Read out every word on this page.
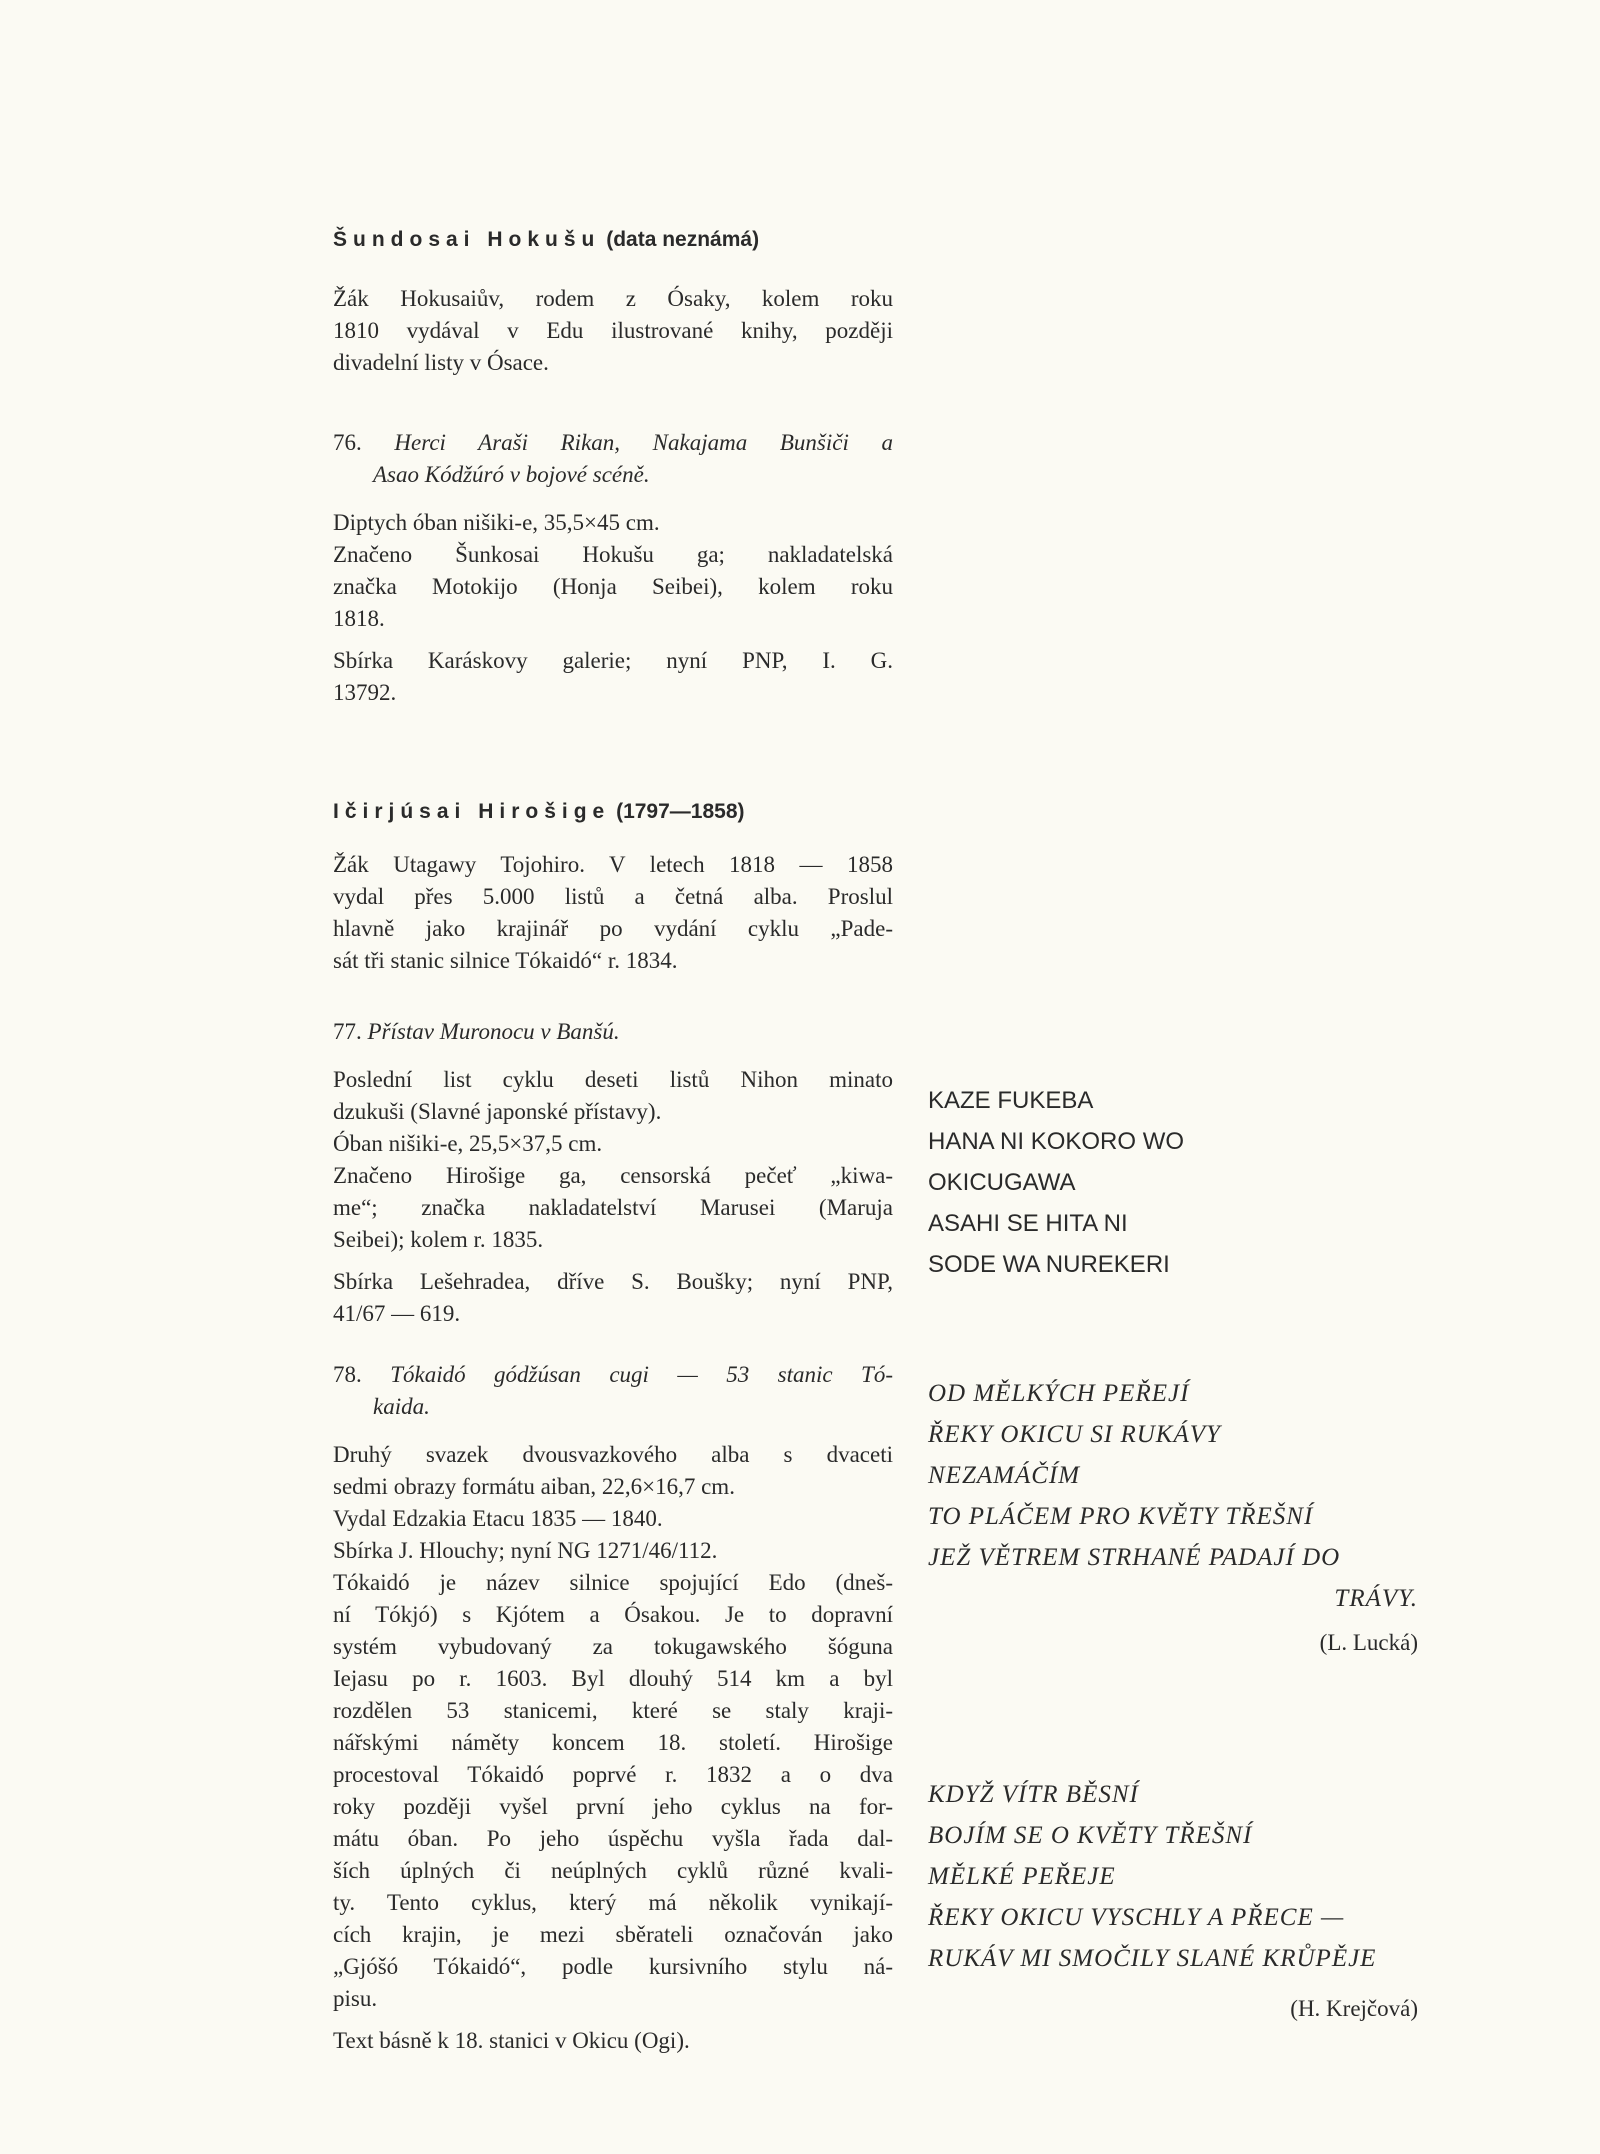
Šundosai Hokušu (data neznámá)
Žák Hokusaiův, rodem z Ósaky, kolem roku
1810 vydával v Edu ilustrované knihy, později
divadelní listy v Ósace.
76. Herci Araši Rikan, Nakajama Bunšiči a
Asao Kódžúró v bojové scéně.
Diptych óban nišiki-e, 35,5×45 cm.
Značeno Šunkosai Hokušu ga; nakladatelská
značka Motokijo (Honja Seibei), kolem roku
1818.
Sbírka Karáskovy galerie; nyní PNP, I. G.
13792.
Ičirjúsai Hirošige (1797—1858)
Žák Utagawy Tojohiro. V letech 1818 — 1858
vydal přes 5.000 listů a četná alba. Proslul
hlavně jako krajinář po vydání cyklu „Pade-
sát tři stanic silnice Tókaidó“ r. 1834.
77. Přístav Muronocu v Banšú.
Poslední list cyklu deseti listů Nihon minato
dzukuši (Slavné japonské přístavy).
Óban nišiki-e, 25,5×37,5 cm.
Značeno Hirošige ga, censorská pečeť „kiwa-
me“; značka nakladatelství Marusei (Maruja
Seibei); kolem r. 1835.
Sbírka Lešehradea, dříve S. Boušky; nyní PNP,
41/67 — 619.
78. Tókaidó gódžúsan cugi — 53 stanic Tó-
kaida.
Druhý svazek dvousvazkového alba s dvaceti
sedmi obrazy formátu aiban, 22,6×16,7 cm.
Vydal Edzakia Etacu 1835 — 1840.
Sbírka J. Hlouchy; nyní NG 1271/46/112.
Tókaidó je název silnice spojující Edo (dneš-
ní Tókjó) s Kjótem a Ósakou. Je to dopravní
systém vybudovaný za tokugawského šóguna
Iejasu po r. 1603. Byl dlouhý 514 km a byl
rozdělen 53 stanicemi, které se staly kraji-
nářskými náměty koncem 18. století. Hirošige
procestoval Tókaidó poprvé r. 1832 a o dva
roky později vyšel první jeho cyklus na for-
mátu óban. Po jeho úspěchu vyšla řada dal-
ších úplných či neúplných cyklů různé kvali-
ty. Tento cyklus, který má několik vynikají-
cích krajin, je mezi sběrateli označován jako
„Gjóšó Tókaidó“, podle kursivního stylu ná-
pisu.
Text básně k 18. stanici v Okicu (Ogi).
KAZE FUKEBA
HANA NI KOKORO WO
OKICUGAWA
ASAHI SE HITA NI
SODE WA NUREKERI
OD MĚLKÝCH PEŘEJÍ
ŘEKY OKICU SI RUKÁVY
NEZAMÁČÍM
TO PLÁČEM PRO KVĚTY TŘEŠNÍ
JEŽ VĚTREM STRHANÉ PADAJÍ DO
TRÁVY.
(L. Lucká)
KDYŽ VÍTR BĚSNÍ
BOJÍM SE O KVĚTY TŘEŠNÍ
MĚLKÉ PEŘEJE
ŘEKY OKICU VYSCHLY A PŘECE —
RUKÁV MI SMOČILY SLANÉ KRŮPĚJE
(H. Krejčová)
